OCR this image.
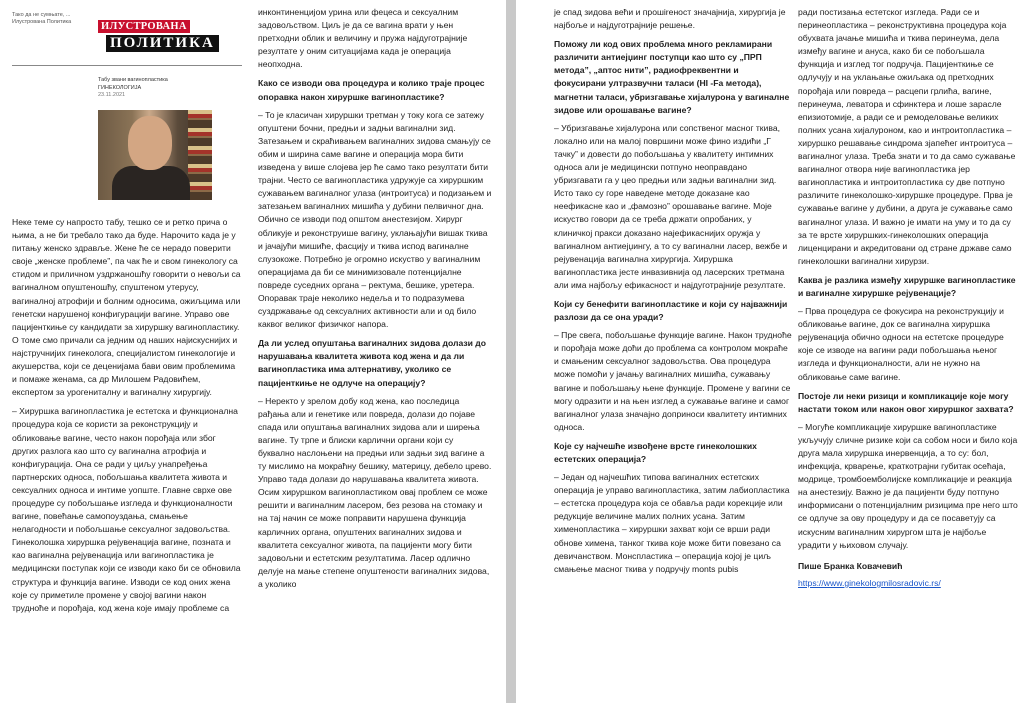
Тако да не сумњате, ...
Илустрована Политика	ИЛУСТРОВАНА
ПОЛИТИКА
Табу звани вагинопластика
ГИНЕКОЛОГИЈА
23.11.2021

Неке теме су напросто табу, тешко се и ретко прича о њима, а не би требало тако да буде. Нарочито када је у питању женско здравље. Жене ће се нерадо поверити своје „женске проблеме”, па чак ће и свом гинекологу са стидом и приличном уздржаношћу говорити о невољи са вагиналном опуштеношћу, спуштеном утерусу, вагиналној атрофији и болним односима, ожиљцима или генетски нарушеној конфигурацији вагине. Управо ове пацијенткиње су кандидати за хируршку вагинопластику. О томе смо причали са једним од наших најискуснијих и најстручнијих гинеколога, специјалистом гинекологије и акушерства, који се деценијама бави овим проблемима и помаже женама, са др Милошем Радовићем, експертом за урогениталну и вагиналну хирургију.

– Хируршка вагинопластика је естетска и функционална процедура која се користи за реконструкцију и обликовање вагине, често након порођаја или због других разлога као што су вагинална атрофија и конфигурација. Она се ради у циљу унапређења партнерских односа, побољшања квалитета живота и сексуалних односа и интиме уопште. Главне сврхе ове процедуре су побољшање изгледа и функционалности вагине, повећање самопоуздања, смањење нелагодности и побољшање сексуалног задовољства. Гинеколошка хируршка рејувенација вагине, позната и као вагинална рејувенација или вагинопластика је медицински поступак који се изводи како би се обновила структура и функција вагине. Изводи се код оних жена које су приметиле промене у својој вагини након трудноће и порођаја, код жена које имају проблеме са

инконтиненцијом урина или фецеса и сексуалним задовољством. Циљ је да се вагина врати у њен претходни облик и величину и пружа најдуготрајније резултате у оним ситуацијама када је операција неопходна.

Како се изводи ова процедура и колико траје процес опоравка након хируршке вагинопластике?

– То је класичан хируршки третман у току кога се затежу опуштени бочни, предњи и задњи вагинални зид. Затезањем и скраћивањем вагиналних зидова смањују се обим и ширина саме вагине и операција мора бити изведена у више слојева јер ће само тако резултати бити трајни. Често се вагинопластика удружује са хируршким сужавањем вагиналног улаза (интроитуса) и подизањем и затезањем вагиналних мишића у дубини пелвичног дна. Обично се изводи под општом анестезијом. Хирург обликује и реконструише вагину, уклањајући вишак ткива и јачајући мишиће, фасцију и ткива испод вагиналне слузокоже. Потребно је огромно искуство у вагиналним операцијама да би се минимизовале потенцијалне повреде суседних органа – ректума, бешике, уретера. Опоравак траје неколико недеља и то подразумева суздржавање од сексуалних активности али и од било каквог великог физичког напора.

Да ли услед опуштања вагиналних зидова долази до нарушавања квалитета живота код жена и да ли вагинопластика има алтернативу, уколико се пацијенткиње не одлуче на операцију?

– Неректо у зрелом добу код жена, као последица рађања али и генетике или повреда, долази до појаве спада или опуштања вагиналних зидова али и ширења вагине. Ту трпе и блиски карлични органи који су буквално наслоњени на предњи или задњи зид вагине а ту мислимо на мокраћну бешику, материцу, дебело црево. Управо тада долази до нарушавања квалитета живота. Осим хируршком вагинопластиком овај проблем се може решити и вагиналним ласером, без резова на стомаку и на тај начин се може поправити нарушена функција карличних органа, опуштених вагиналних зидова и квалитета сексуалног живота, па пацијенти могу бити задовољни и естетским резултатима. Ласер одлично делује на мање степене опуштености вагиналних зидова, а уколико

је спад зидова већи и прошireност значајнија, хирургија је најбоље и најдуготрајније решење.

Поможу ли код ових проблема много рекламирани различити антиејџинг поступци као што су „ПРП метода”, „аптос нити”, радиофреквентни и фокусирани ултразвучни таласи (HI -Fa метода), магнетни таласи, убризгавање хијалурона у вагиналне зидове или орошавање вагине?

– Убризгавање хијалурона или сопственог масног ткива, локално или на малој површини може фино издићи „Г тачку” и довести до побољшања у квалитету интимних односа али је медицински потпуно неоправдано убризгавати га у цео предњи или задњи вагинални зид. Исто тако су горе наведене методе доказане као неефикасне као и „фамозно” орошавање вагине. Моје искуство говори да се треба држати опробаних, у клиничкој пракси доказано најефикаснијих оружја у вагиналном антиејџингу, а то су вагинални ласер, вежбе и рејувенација вагинална хирургија. Хируршка вагинопластика јесте инвазивнија од ласерских третмана али има најбољу ефикасност и најдуготрајније резултате.

Који су бенефити вагинопластике и који су најважнији разлози да се она уради?

– Пре свега, побољшање функције вагине. Након трудноће и порођаја може доћи до проблема са контролом мокраће и смањеним сексуалног задовољства. Ова процедура може помоћи у јачању вагиналних мишића, сужавању вагине и побољшању њене функције. Промене у вагини се могу одразити и на њен изглед а сужавање вагине и самог вагиналног улаза значајно доприноси квалитету интимних односа.

Које су најчешће извођене врсте гинеколошких естетских операција?

– Један од најчешћих типова вагиналних естетских операција је управо вагинопластика, затим лабиопластика – естетска процедура која се обавља ради корекције или редукције величине малих полних усана. Затим хименопластика – хируршки захват који се врши ради обнове химена, танког ткива које може бити повезано са девичанством. Монспластика – операција којој је циљ смањење масног ткива у подручју monts pubis

ради постизања естетског изгледа. Ради се и перинеопластика – реконструктивна процедура која обухвата јачање мишића и ткива перинеума, дела између вагине и ануса, како би се побољшала функција и изглед тог подручја. Пацијенткиње се одлучују и на уклањање ожиљака од претходних порођаја или повреда – расцепи грлића, вагине, перинеума, леваторa и сфинктера и лоше зарасле епизиотомије, а ради се и ремоделовање великих полних усана хијалуроном, као и интроитопластика – хируршко решавање синдрома зјапећег интроитуса – вагиналног улаза. Треба знати и то да само сужавање вагиналног отвора није вагинопластика јер вагинопластика и интроитопластика су две потпуно различите гинеколошко-хируршке процедуре. Прва је сужавање вагине у дубини, а друга је сужавање само вагиналног улаза. И важно је имати на уму и то да су за те врсте хируршких-гинеколошких операција лиценцирани и акредитовани од стране државе само гинеколошки вагинални хирурзи.

Каква је разлика између хируршке вагинопластике и вагиналне хируршке рејувенације?

– Прва процедура се фокусира на реконструкцију и обликовање вагине, док се вагинална хируршка рејувенација обично односи на естетске процедуре које се изводе на вагини ради побољшања њеног изгледа и функционалности, али не нужно на обликовање саме вагине.

Постоје ли неки ризици и компликације које могу настати током или након овог хируршког захвата?

– Могуће компликације хируршке вагинопластике укључују сличне ризике који са собом носи и било која друга мала хируршка инервенција, а то су: бол, инфекција, крварење, краткотрајни губитак осећаја, модрице, тромбоемболијске компликације и реакција на анестезију. Важно је да пацијенти буду потпуно информисани о потенцијалним ризицима пре него што се одлуче за ову процедуру и да се посаветују са искусним вагиналним хирургом шта је најбоље урадити у њиховом случају.

Пише Бранка Ковачевић

https://www.ginekologmilosradovic.rs/
